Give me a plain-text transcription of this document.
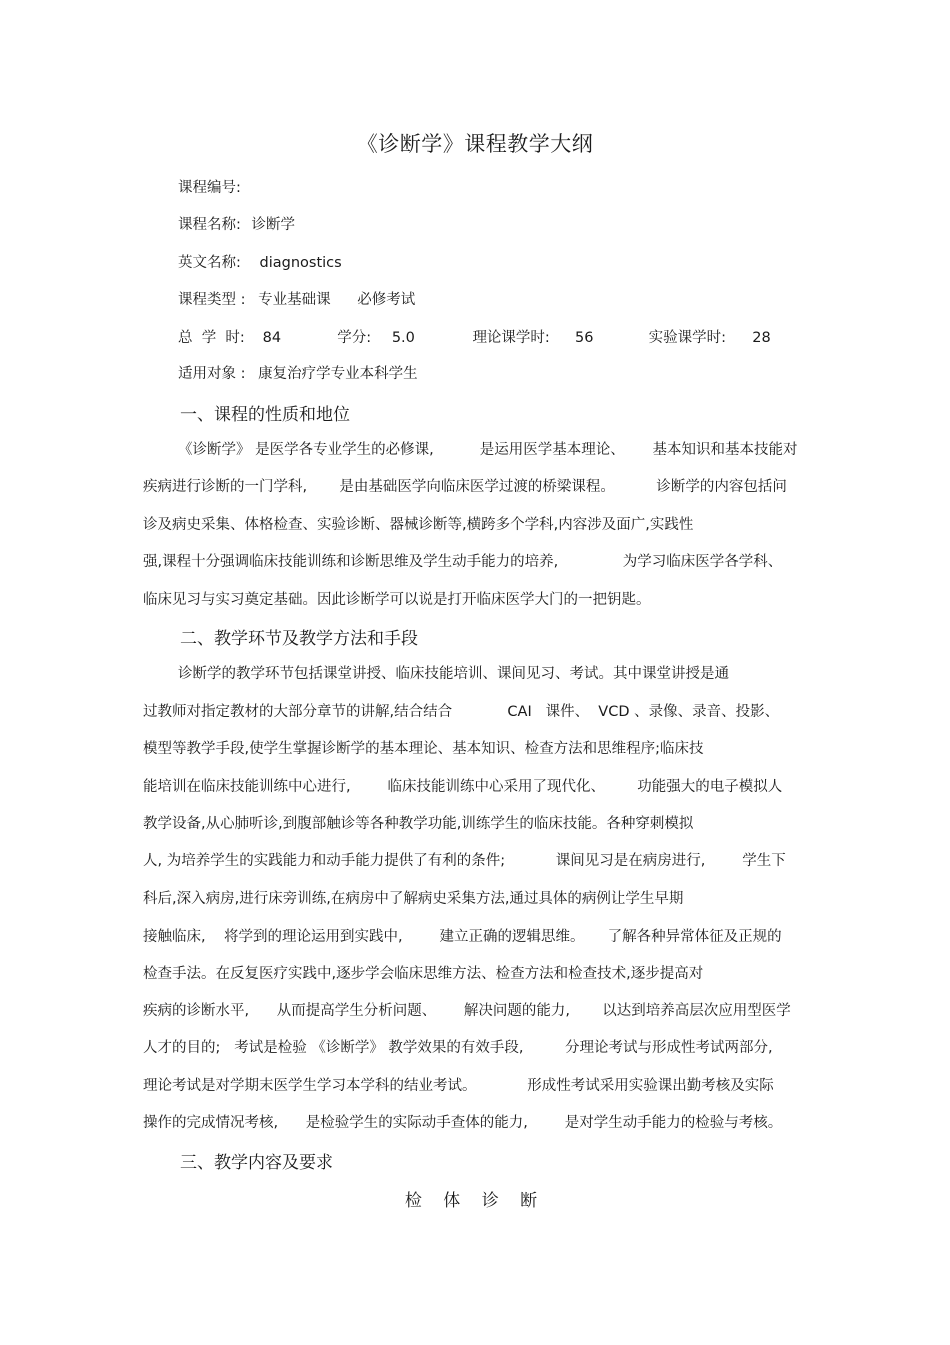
《诊断学》课程教学大纲
课程编号:
课程名称: 诊断学
英文名称: diagnostics
课程类型 : 专业基础课 必修考试
总  学  时: 84	学分: 5.0	理论课学时: 56	实验课学时: 28
适用对象 : 康复治疗学专业本科学生
一、课程的性质和地位
《诊断学》 是医学各专业学生的必修课,          是运用医学基本理论、      基本知识和基本技能对
疾病进行诊断的一门学科,       是由基础医学向临床医学过渡的桥梁课程。         诊断学的内容包括问
诊及病史采集、体格检查、实验诊断、器械诊断等,横跨多个学科,内容涉及面广,实践性
强,课程十分强调临床技能训练和诊断思维及学生动手能力的培养,              为学习临床医学各学科、
临床见习与实习奠定基础。因此诊断学可以说是打开临床医学大门的一把钥匙。
二、教学环节及教学方法和手段
诊断学的教学环节包括课堂讲授、临床技能培训、课间见习、考试。其中课堂讲授是通
过教师对指定教材的大部分章节的讲解,结合结合            CAI   课件、  VCD 、录像、录音、投影、
模型等教学手段,使学生掌握诊断学的基本理论、基本知识、检查方法和思维程序;临床技
能培训在临床技能训练中心进行,        临床技能训练中心采用了现代化、       功能强大的电子模拟人
教学设备,从心肺听诊,到腹部触诊等各种教学功能,训练学生的临床技能。各种穿刺模拟
人, 为培养学生的实践能力和动手能力提供了有利的条件;           课间见习是在病房进行,        学生下
科后,深入病房,进行床旁训练,在病房中了解病史采集方法,通过具体的病例让学生早期
接触临床,    将学到的理论运用到实践中,        建立正确的逻辑思维。     了解各种异常体征及正规的
检查手法。在反复医疗实践中,逐步学会临床思维方法、检查方法和检查技术,逐步提高对
疾病的诊断水平,      从而提高学生分析问题、      解决问题的能力,       以达到培养高层次应用型医学
人才的目的;   考试是检验 《诊断学》 教学效果的有效手段,         分理论考试与形成性考试两部分,
理论考试是对学期末医学生学习本学科的结业考试。           形成性考试采用实验课出勤考核及实际
操作的完成情况考核,      是检验学生的实际动手查体的能力,        是对学生动手能力的检验与考核。
三、教学内容及要求
检 体 诊 断
